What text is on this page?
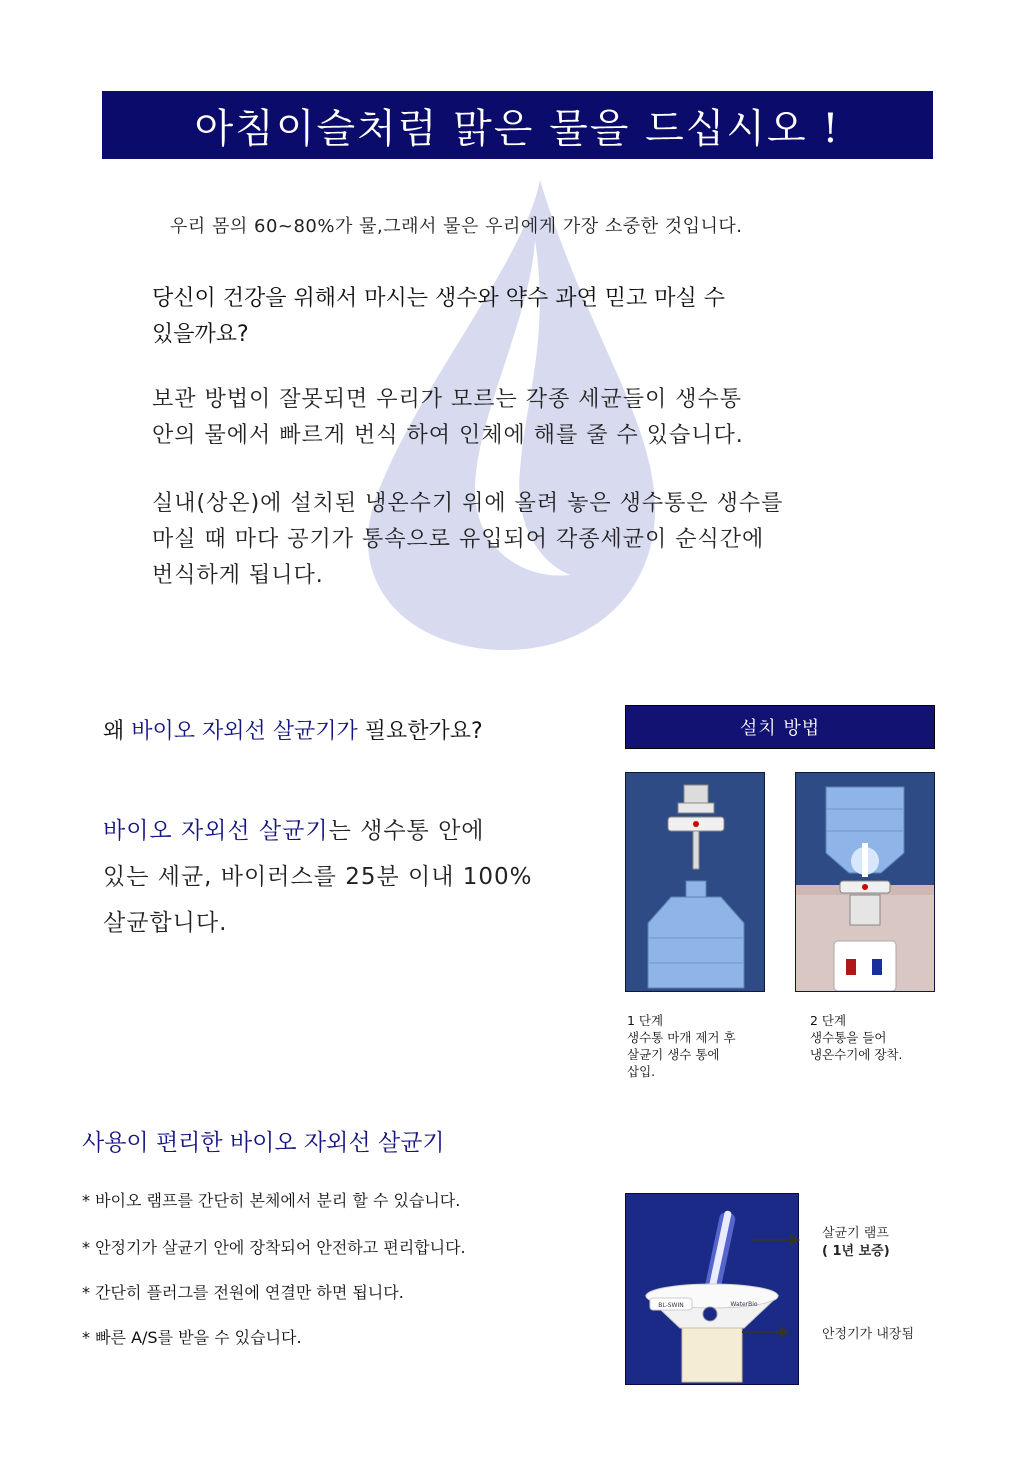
아침이슬처럼 맑은 물을 드십시오 !
우리 몸의 60~80%가 물,그래서 물은 우리에게 가장 소중한 것입니다.
당신이 건강을 위해서 마시는 생수와 약수 과연 믿고 마실 수
있을까요?
보관 방법이 잘못되면 우리가 모르는 각종 세균들이 생수통
안의 물에서 빠르게 번식 하여 인체에 해를 줄 수 있습니다.
실내(상온)에 설치된 냉온수기 위에 올려 놓은 생수통은 생수를
마실 때 마다 공기가 통속으로 유입되어 각종세균이 순식간에
번식하게 됩니다.
왜 바이오 자외선 살균기가 필요한가요?
바이오 자외선 살균기는 생수통 안에
있는 세균, 바이러스를 25분 이내 100%
살균합니다.
설치 방법
1 단계
생수통 마개 제거 후
살균기 생수 통에
삽입.
2 단계
생수통을 들어
냉온수기에 장착.
사용이 편리한 바이오 자외선 살균기
* 바이오 램프를 간단히 본체에서 분리 할 수 있습니다.
* 안정기가 살균기 안에 장착되어 안전하고 편리합니다.
* 간단히 플러그를 전원에 연결만 하면 됩니다.
* 빠른 A/S를 받을 수 있습니다.
BL-SWIN	WaterBio
살균기 램프
( 1년 보증)
안정기가 내장됨
